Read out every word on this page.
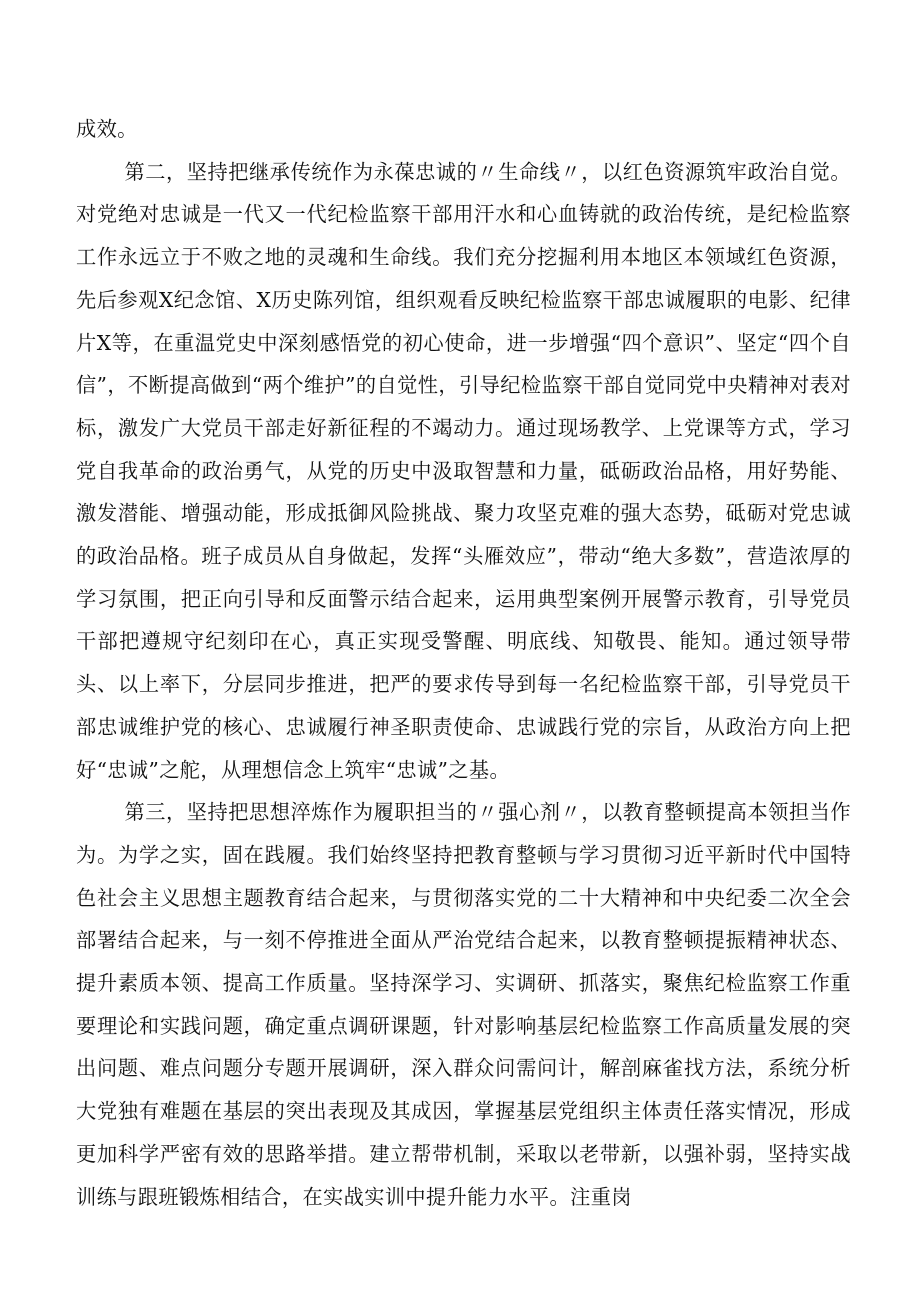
成效。

第二，坚持把继承传统作为永葆忠诚的〃生命线〃，以红色资源筑牢政治自觉。对党绝对忠诚是一代又一代纪检监察干部用汗水和心血铸就的政治传统，是纪检监察工作永远立于不败之地的灵魂和生命线。我们充分挖掘利用本地区本领域红色资源，先后参观X纪念馆、X历史陈列馆，组织观看反映纪检监察干部忠诚履职的电影、纪律片X等，在重温党史中深刻感悟党的初心使命，进一步增强“四个意识”、坚定“四个自信”，不断提高做到“两个维护”的自觉性，引导纪检监察干部自觉同党中央精神对表对标，激发广大党员干部走好新征程的不竭动力。通过现场教学、上党课等方式，学习党自我革命的政治勇气，从党的历史中汲取智慧和力量，砥砺政治品格，用好势能、激发潜能、增强动能，形成抵御风险挑战、聚力攻坚克难的强大态势，砥砺对党忠诚的政治品格。班子成员从自身做起，发挥“头雁效应”，带动“绝大多数”，营造浓厚的学习氛围，把正向引导和反面警示结合起来，运用典型案例开展警示教育，引导党员干部把遵规守纪刻印在心，真正实现受警醒、明底线、知敬畏、能知。通过领导带头、以上率下，分层同步推进，把严的要求传导到每一名纪检监察干部，引导党员干部忠诚维护党的核心、忠诚履行神圣职责使命、忠诚践行党的宗旨，从政治方向上把好“忠诚”之舵，从理想信念上筑牢“忠诚”之基。

第三，坚持把思想淬炼作为履职担当的〃强心剂〃，以教育整顿提高本领担当作为。为学之实，固在践履。我们始终坚持把教育整顿与学习贯彻习近平新时代中国特色社会主义思想主题教育结合起来，与贯彻落实党的二十大精神和中央纪委二次全会部署结合起来，与一刻不停推进全面从严治党结合起来，以教育整顿提振精神状态、提升素质本领、提高工作质量。坚持深学习、实调研、抓落实，聚焦纪检监察工作重要理论和实践问题，确定重点调研课题，针对影响基层纪检监察工作高质量发展的突出问题、难点问题分专题开展调研，深入群众问需问计，解剖麻雀找方法，系统分析大党独有难题在基层的突出表现及其成因，掌握基层党组织主体责任落实情况，形成更加科学严密有效的思路举措。建立帮带机制，采取以老带新，以强补弱，坚持实战训练与跟班锻炼相结合，在实战实训中提升能力水平。注重岗
